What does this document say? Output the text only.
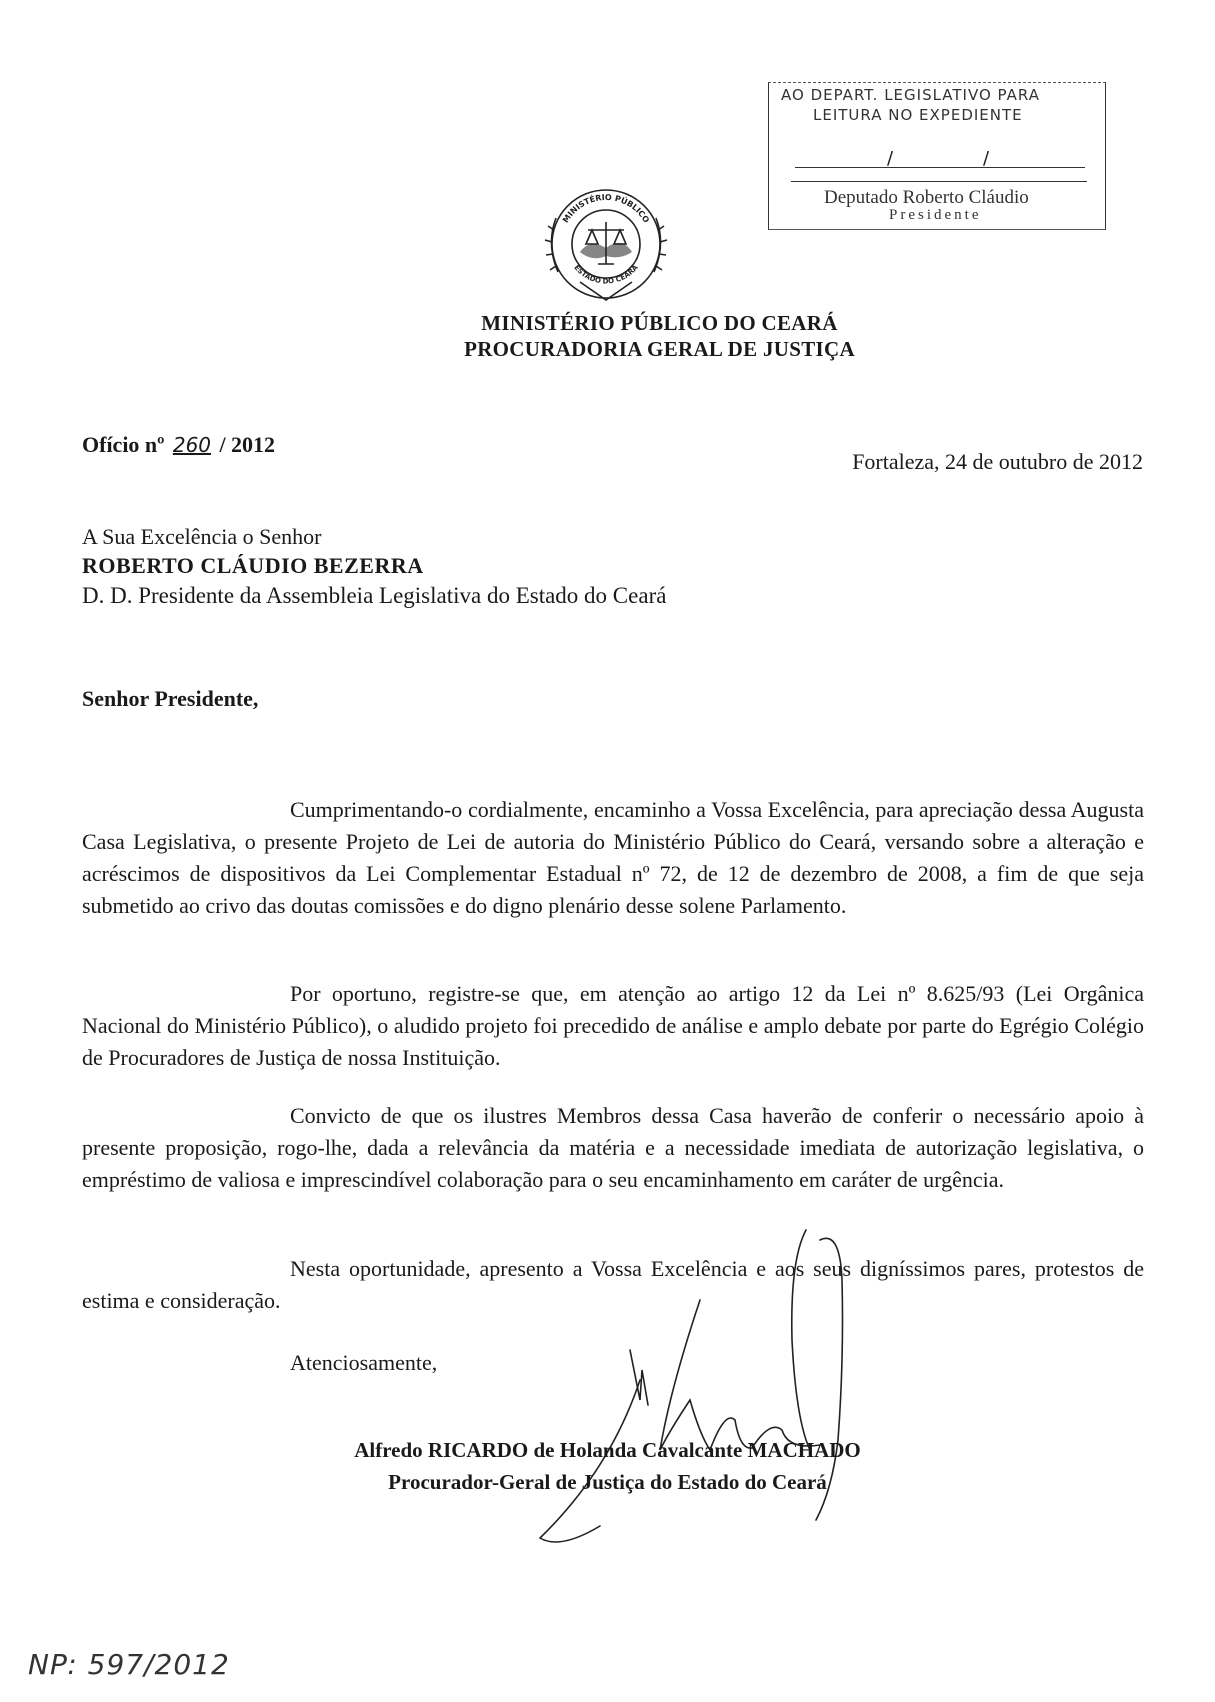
AO DEPART. LEGISLATIVO PARA
LEITURA NO EXPEDIENTE
/	/
Deputado Roberto Cláudio
Presidente
MINISTÉRIO PÚBLICO
ESTADO DO CEARÁ
MINISTÉRIO PÚBLICO DO CEARÁ
PROCURADORIA GERAL DE JUSTIÇA
Ofício nº 260 / 2012
Fortaleza, 24 de outubro de 2012
A Sua Excelência o Senhor
ROBERTO CLÁUDIO BEZERRA
D. D. Presidente da Assembleia Legislativa do Estado do Ceará
Senhor Presidente,

Cumprimentando-o cordialmente, encaminho a Vossa Excelência, para apreciação dessa Augusta Casa Legislativa, o presente Projeto de Lei de autoria do Ministério Público do Ceará, versando sobre a alteração e acréscimos de dispositivos da Lei Complementar Estadual nº 72, de 12 de dezembro de 2008, a fim de que seja submetido ao crivo das doutas comissões e do digno plenário desse solene Parlamento.

Por oportuno, registre-se que, em atenção ao artigo 12 da Lei nº 8.625/93 (Lei Orgânica Nacional do Ministério Público), o aludido projeto foi precedido de análise e amplo debate por parte do Egrégio Colégio de Procuradores de Justiça de nossa Instituição.

Convicto de que os ilustres Membros dessa Casa haverão de conferir o necessário apoio à presente proposição, rogo-lhe, dada a relevância da matéria e a necessidade imediata de autorização legislativa, o empréstimo de valiosa e imprescindível colaboração para o seu encaminhamento em caráter de urgência.

Nesta oportunidade, apresento a Vossa Excelência e aos seus digníssimos pares, protestos de estima e consideração.

Atenciosamente,
Alfredo RICARDO de Holanda Cavalcante MACHADO
Procurador-Geral de Justiça do Estado do Ceará
NP: 597/2012
